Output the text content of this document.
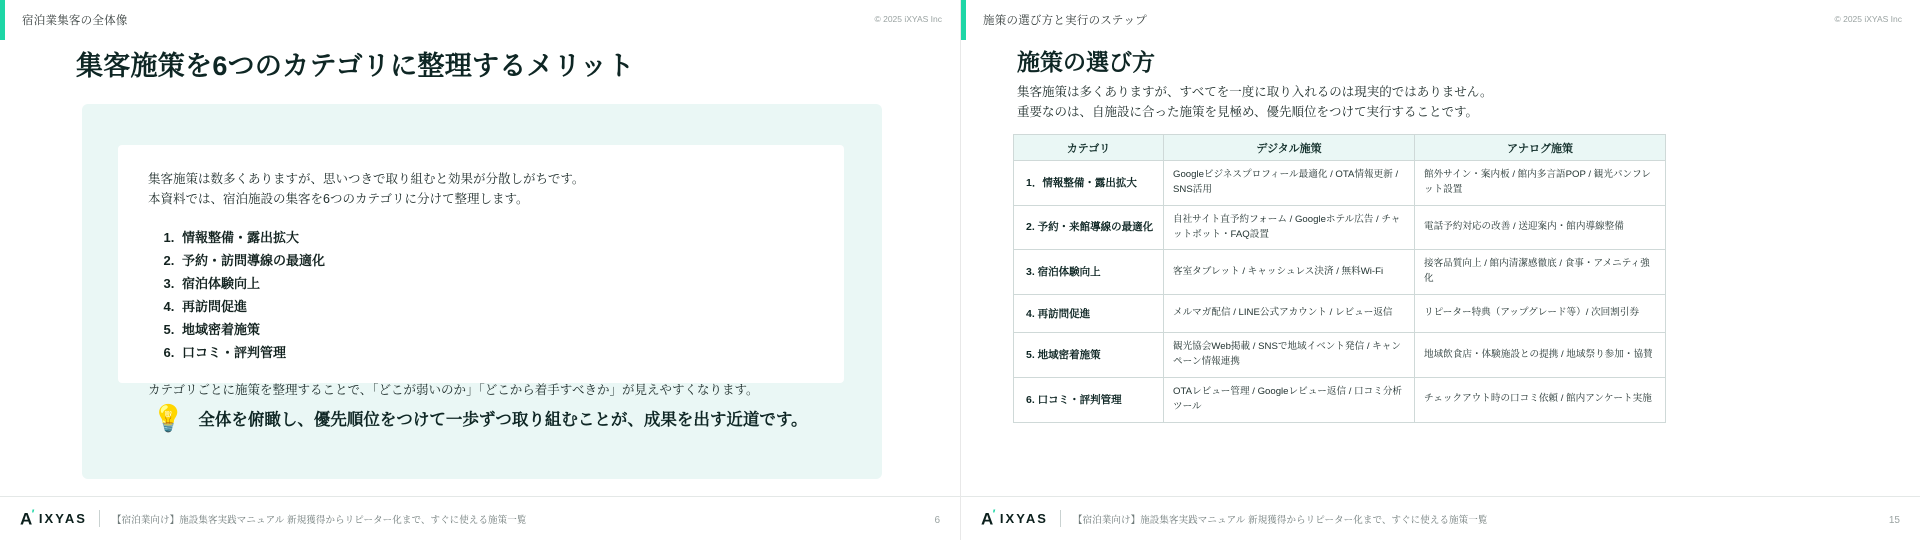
宿泊業集客の全体像	© 2025 iXYAS Inc
集客施策を6つのカテゴリに整理するメリット
集客施策は数多くありますが、思いつきで取り組むと効果が分散しがちです。
本資料では、宿泊施設の集客を6つのカテゴリに分けて整理します。
1. 情報整備・露出拡大
2. 予約・訪問導線の最適化
3. 宿泊体験向上
4. 再訪問促進
5. 地域密着施策
6. 口コミ・評判管理
カテゴリごとに施策を整理することで、「どこが弱いのか」「どこから着手すべきか」が見えやすくなります。
💡 全体を俯瞰し、優先順位をつけて一歩ずつ取り組むことが、成果を出す近道です。
A′ IXYAS	【宿泊業向け】施設集客実践マニュアル 新規獲得からリピーター化まで、すぐに使える施策一覧	6
施策の選び方と実行のステップ	© 2025 iXYAS Inc
施策の選び方
集客施策は多くありますが、すべてを一度に取り入れるのは現実的ではありません。
重要なのは、自施設に合った施策を見極め、優先順位をつけて実行することです。
カテゴリ	デジタル施策	アナログ施策
1．情報整備・露出拡大	Googleビジネスプロフィール最適化 / OTA情報更新 / SNS活用	館外サイン・案内板 / 館内多言語POP / 観光パンフレット設置
2. 予約・来館導線の最適化	自社サイト直予約フォーム / Googleホテル広告 / チャットボット・FAQ設置	電話予約対応の改善 / 送迎案内・館内導線整備
3. 宿泊体験向上	客室タブレット / キャッシュレス決済 / 無料Wi-Fi	接客品質向上 / 館内清潔感徹底 / 食事・アメニティ強化
4. 再訪問促進	メルマガ配信 / LINE公式アカウント / レビュー返信	リピーター特典（アップグレード等）/ 次回割引券
5. 地域密着施策	観光協会Web掲載 / SNSで地域イベント発信 / キャンペーン情報連携	地域飲食店・体験施設との提携 / 地域祭り参加・協賛
6. 口コミ・評判管理	OTAレビュー管理 / Googleレビュー返信 / 口コミ分析ツール	チェックアウト時の口コミ依頼 / 館内アンケート実施
A′ IXYAS	【宿泊業向け】施設集客実践マニュアル 新規獲得からリピーター化まで、すぐに使える施策一覧	15
